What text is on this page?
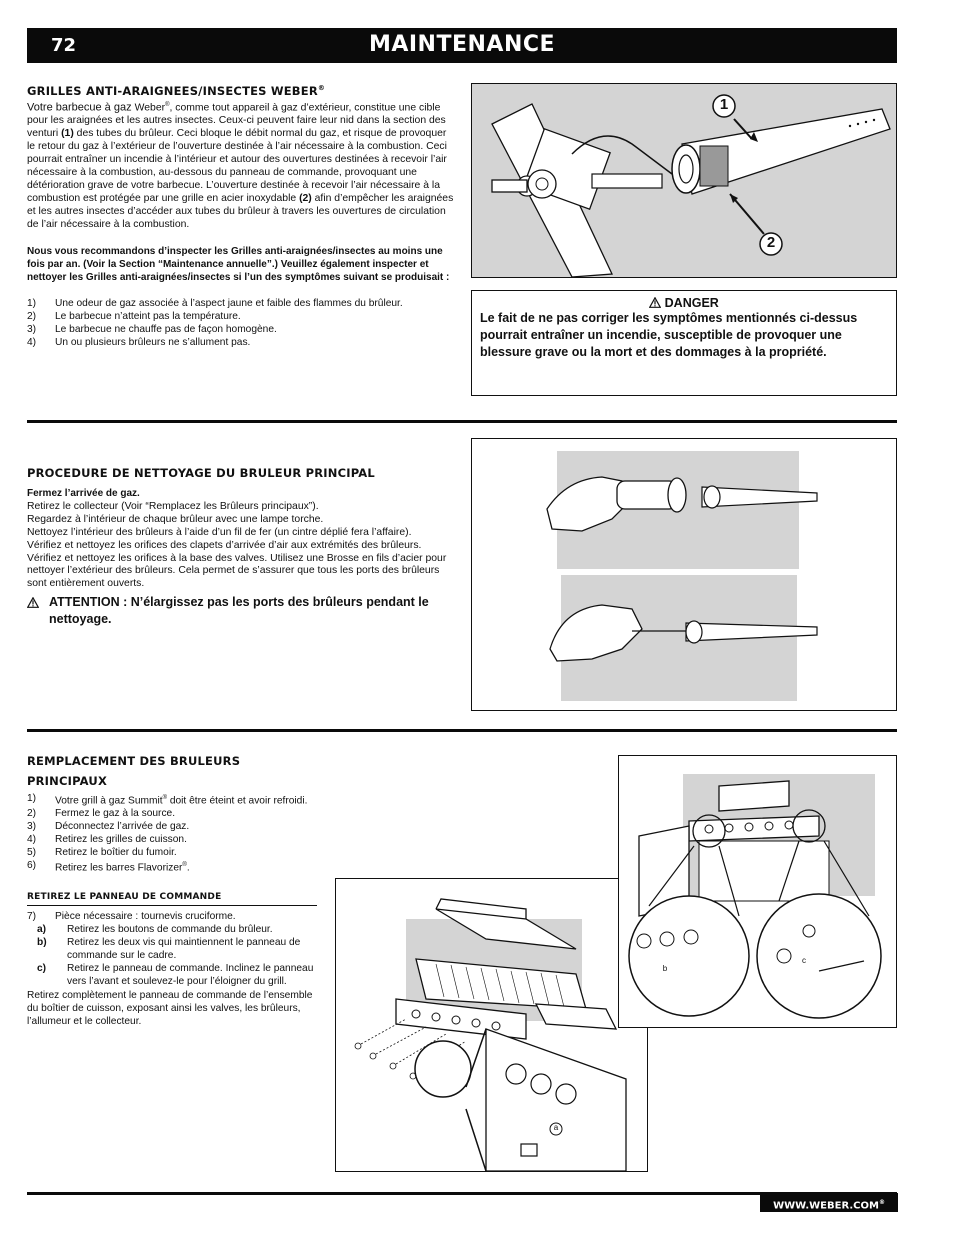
72	MAINTENANCE
GRILLES ANTI-ARAIGNEES/INSECTES WEBER®
Votre barbecue à gaz Weber®, comme tout appareil à gaz d’extérieur, constitue une cible pour les araignées et les autres insectes. Ceux-ci peuvent faire leur nid dans la section des venturi (1) des tubes du brûleur. Ceci bloque le débit normal du gaz, et risque de provoquer le retour du gaz à l’extérieur de l’ouverture destinée à l’air nécessaire à la combustion. Ceci pourrait entraîner un incendie à l’intérieur et autour des ouvertures destinées à recevoir l’air nécessaire à la combustion, au-dessous du panneau de commande, provoquant une détérioration grave de votre barbecue. L’ouverture destinée à recevoir l’air nécessaire à la combustion est protégée par une grille en acier inoxydable (2) afin d’empêcher les araignées et les autres insectes d’accéder aux tubes du brûleur à travers les ouvertures de circulation de l’air nécessaire à la combustion.
Nous vous recommandons d’inspecter les Grilles anti-araignées/insectes au moins une fois par an. (Voir la Section “Maintenance annuelle”.) Veuillez également inspecter et nettoyer les Grilles anti-araignées/insectes si l’un des symptômes suivant se produisait :
1)	Une odeur de gaz associée à l’aspect jaune et faible des flammes du brûleur.
2)	Le barbecue n’atteint pas la température.
3)	Le barbecue ne chauffe pas de façon homogène.
4)	Un ou plusieurs brûleurs ne s’allument pas.
1
2
DANGER
Le fait de ne pas corriger les symptômes mentionnés ci-dessus pourrait entraîner un incendie, susceptible de provoquer une blessure grave ou la mort et des dommages à la propriété.
PROCEDURE DE NETTOYAGE DU BRULEUR PRINCIPAL
Fermez l’arrivée de gaz.
Retirez le collecteur (Voir “Remplacez les Brûleurs principaux”).
Regardez à l’intérieur de chaque brûleur avec une lampe torche.
Nettoyez l’intérieur des brûleurs à l’aide d’un fil de fer (un cintre déplié fera l’affaire).
Vérifiez et nettoyez les orifices des clapets d’arrivée d’air aux extrémités des brûleurs.
Vérifiez et nettoyez les orifices à la base des valves. Utilisez une Brosse en fils d’acier pour nettoyer l’extérieur des brûleurs. Cela permet de s’assurer que tous les ports des brûleurs sont entièrement ouverts.
ATTENTION : N’élargissez pas les ports des brûleurs pendant le nettoyage.
REMPLACEMENT DES BRULEURS
PRINCIPAUX
1)	Votre grill à gaz Summit® doit être éteint et avoir refroidi.
2)	Fermez le gaz à la source.
3)	Déconnectez l’arrivée de gaz.
4)	Retirez les grilles de cuisson.
5)	Retirez le boîtier du fumoir.
6)	Retirez les barres Flavorizer®.
RETIREZ LE PANNEAU DE COMMANDE
7)	Pièce nécessaire : tournevis cruciforme.
a)	Retirez les boutons de commande du brûleur.
b)	Retirez les deux vis qui maintiennent le panneau de commande sur le cadre.
c)	Retirez le panneau de commande. Inclinez le panneau vers l’avant et soulevez-le pour l’éloigner du grill.
Retirez complètement le panneau de commande de l’ensemble du boîtier de cuisson, exposant ainsi les valves, les brûleurs, l’allumeur et le collecteur.
a
b
c
WWW.WEBER.COM®
